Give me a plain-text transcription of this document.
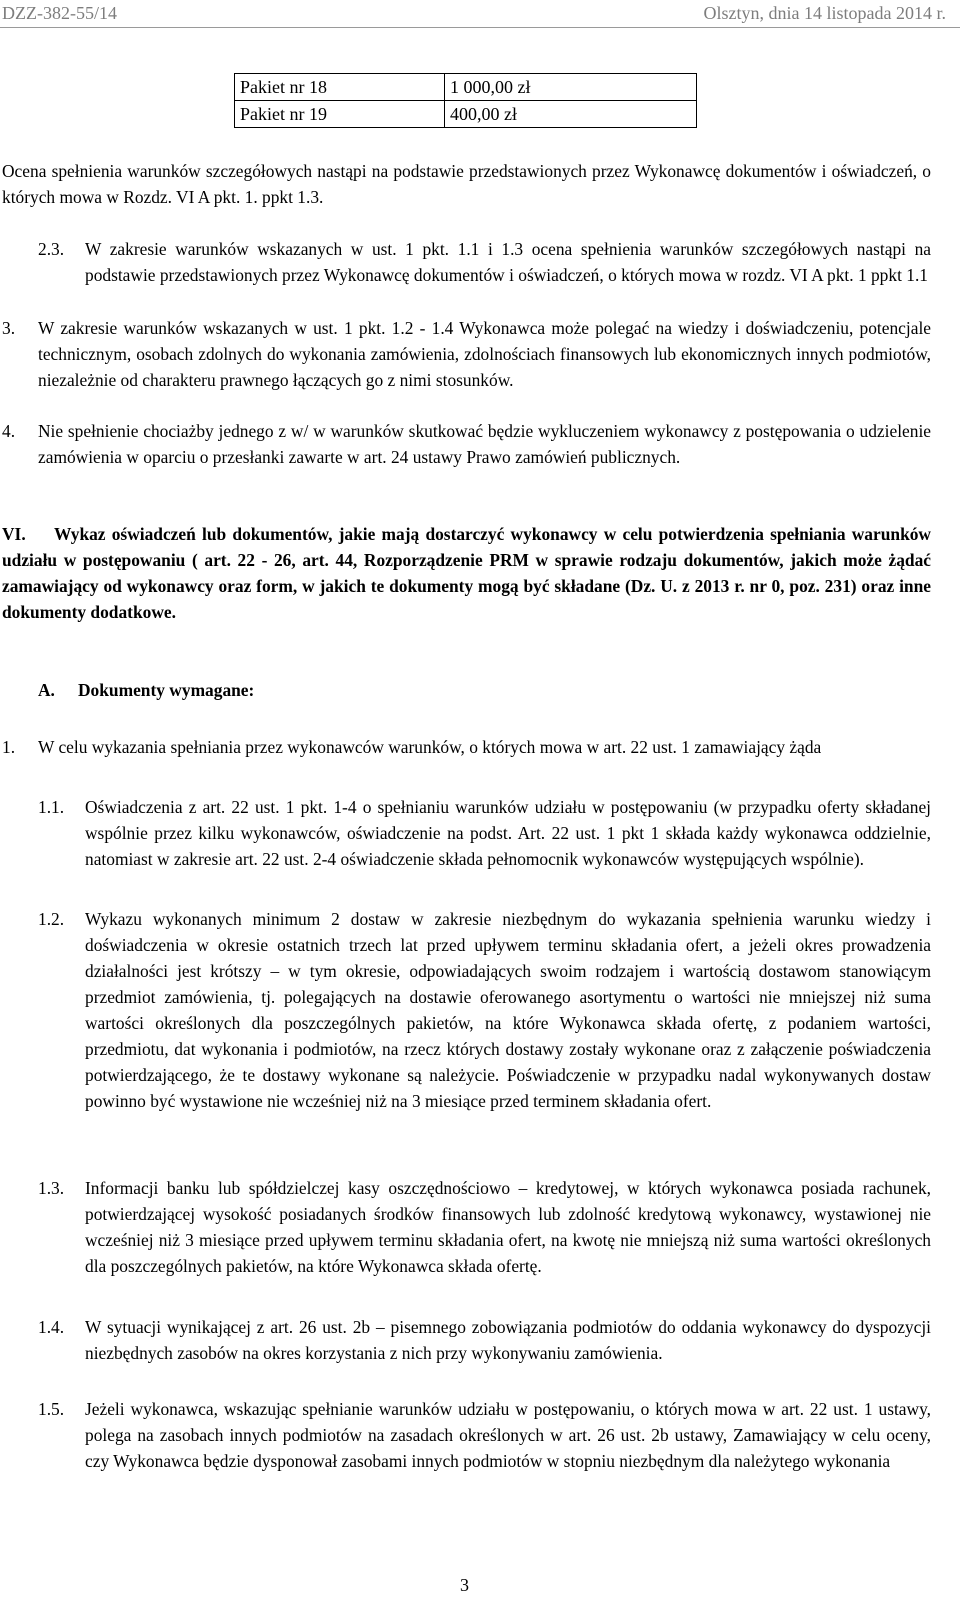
DZZ-382-55/14	Olsztyn, dnia 14 listopada 2014 r.
Pakiet nr 18	1 000,00 zł
Pakiet nr 19	400,00 zł
Ocena spełnienia warunków szczegółowych nastąpi na podstawie przedstawionych przez Wykonawcę dokumentów i oświadczeń, o których mowa w Rozdz. VI A pkt. 1. ppkt 1.3.
2.3. W zakresie warunków wskazanych w ust. 1 pkt. 1.1 i 1.3 ocena spełnienia warunków szczegółowych nastąpi na podstawie przedstawionych przez Wykonawcę dokumentów i oświadczeń, o których mowa w rozdz. VI A pkt. 1 ppkt 1.1
3. W zakresie warunków wskazanych w ust. 1 pkt. 1.2 - 1.4 Wykonawca może polegać na wiedzy i doświadczeniu, potencjale technicznym, osobach zdolnych do wykonania zamówienia, zdolnościach finansowych lub ekonomicznych innych podmiotów, niezależnie od charakteru prawnego łączących go z nimi stosunków.
4. Nie spełnienie chociażby jednego z w/ w warunków skutkować będzie wykluczeniem wykonawcy z postępowania o udzielenie zamówienia w oparciu o przesłanki zawarte w art. 24 ustawy Prawo zamówień publicznych.
VI.	Wykaz oświadczeń lub dokumentów, jakie mają dostarczyć wykonawcy w celu potwierdzenia spełniania warunków udziału w postępowaniu ( art. 22 - 26, art. 44, Rozporządzenie PRM w sprawie rodzaju dokumentów, jakich może żądać zamawiający od wykonawcy oraz form, w jakich te dokumenty mogą być składane (Dz. U. z 2013 r. nr 0, poz. 231) oraz inne dokumenty dodatkowe.
A. Dokumenty wymagane:
1. W celu wykazania spełniania przez wykonawców warunków, o których mowa w art. 22 ust. 1 zamawiający żąda
1.1. Oświadczenia z art. 22 ust. 1 pkt. 1-4 o spełnianiu warunków udziału w postępowaniu (w przypadku oferty składanej wspólnie przez kilku wykonawców, oświadczenie na podst. Art. 22 ust. 1 pkt 1 składa każdy wykonawca oddzielnie, natomiast w zakresie art. 22 ust. 2-4 oświadczenie składa pełnomocnik wykonawców występujących wspólnie).
1.2. Wykazu wykonanych minimum 2 dostaw w zakresie niezbędnym do wykazania spełnienia warunku wiedzy i doświadczenia w okresie ostatnich trzech lat przed upływem terminu składania ofert, a jeżeli okres prowadzenia działalności jest krótszy – w tym okresie, odpowiadających swoim rodzajem i wartością dostawom stanowiącym przedmiot zamówienia, tj. polegających na dostawie oferowanego asortymentu o wartości nie mniejszej niż suma wartości określonych dla poszczególnych pakietów, na które Wykonawca składa ofertę, z podaniem wartości, przedmiotu, dat wykonania i podmiotów, na rzecz których dostawy zostały wykonane oraz z załączenie poświadczenia potwierdzającego, że te dostawy wykonane są należycie. Poświadczenie w przypadku nadal wykonywanych dostaw powinno być wystawione nie wcześniej niż na 3 miesiące przed terminem składania ofert.
1.3. Informacji banku lub spółdzielczej kasy oszczędnościowo – kredytowej, w których wykonawca posiada rachunek, potwierdzającej wysokość posiadanych środków finansowych lub zdolność kredytową wykonawcy, wystawionej nie wcześniej niż 3 miesiące przed upływem terminu składania ofert, na kwotę nie mniejszą niż suma wartości określonych dla poszczególnych pakietów, na które Wykonawca składa ofertę.
1.4. W sytuacji wynikającej z art. 26 ust. 2b – pisemnego zobowiązania podmiotów do oddania wykonawcy do dyspozycji niezbędnych zasobów na okres korzystania z nich przy wykonywaniu zamówienia.
1.5. Jeżeli wykonawca, wskazując spełnianie warunków udziału w postępowaniu, o których mowa w art. 22 ust. 1 ustawy, polega na zasobach innych podmiotów na zasadach określonych w art. 26 ust. 2b ustawy, Zamawiający w celu oceny, czy Wykonawca będzie dysponował zasobami innych podmiotów w stopniu niezbędnym dla należytego wykonania
3
